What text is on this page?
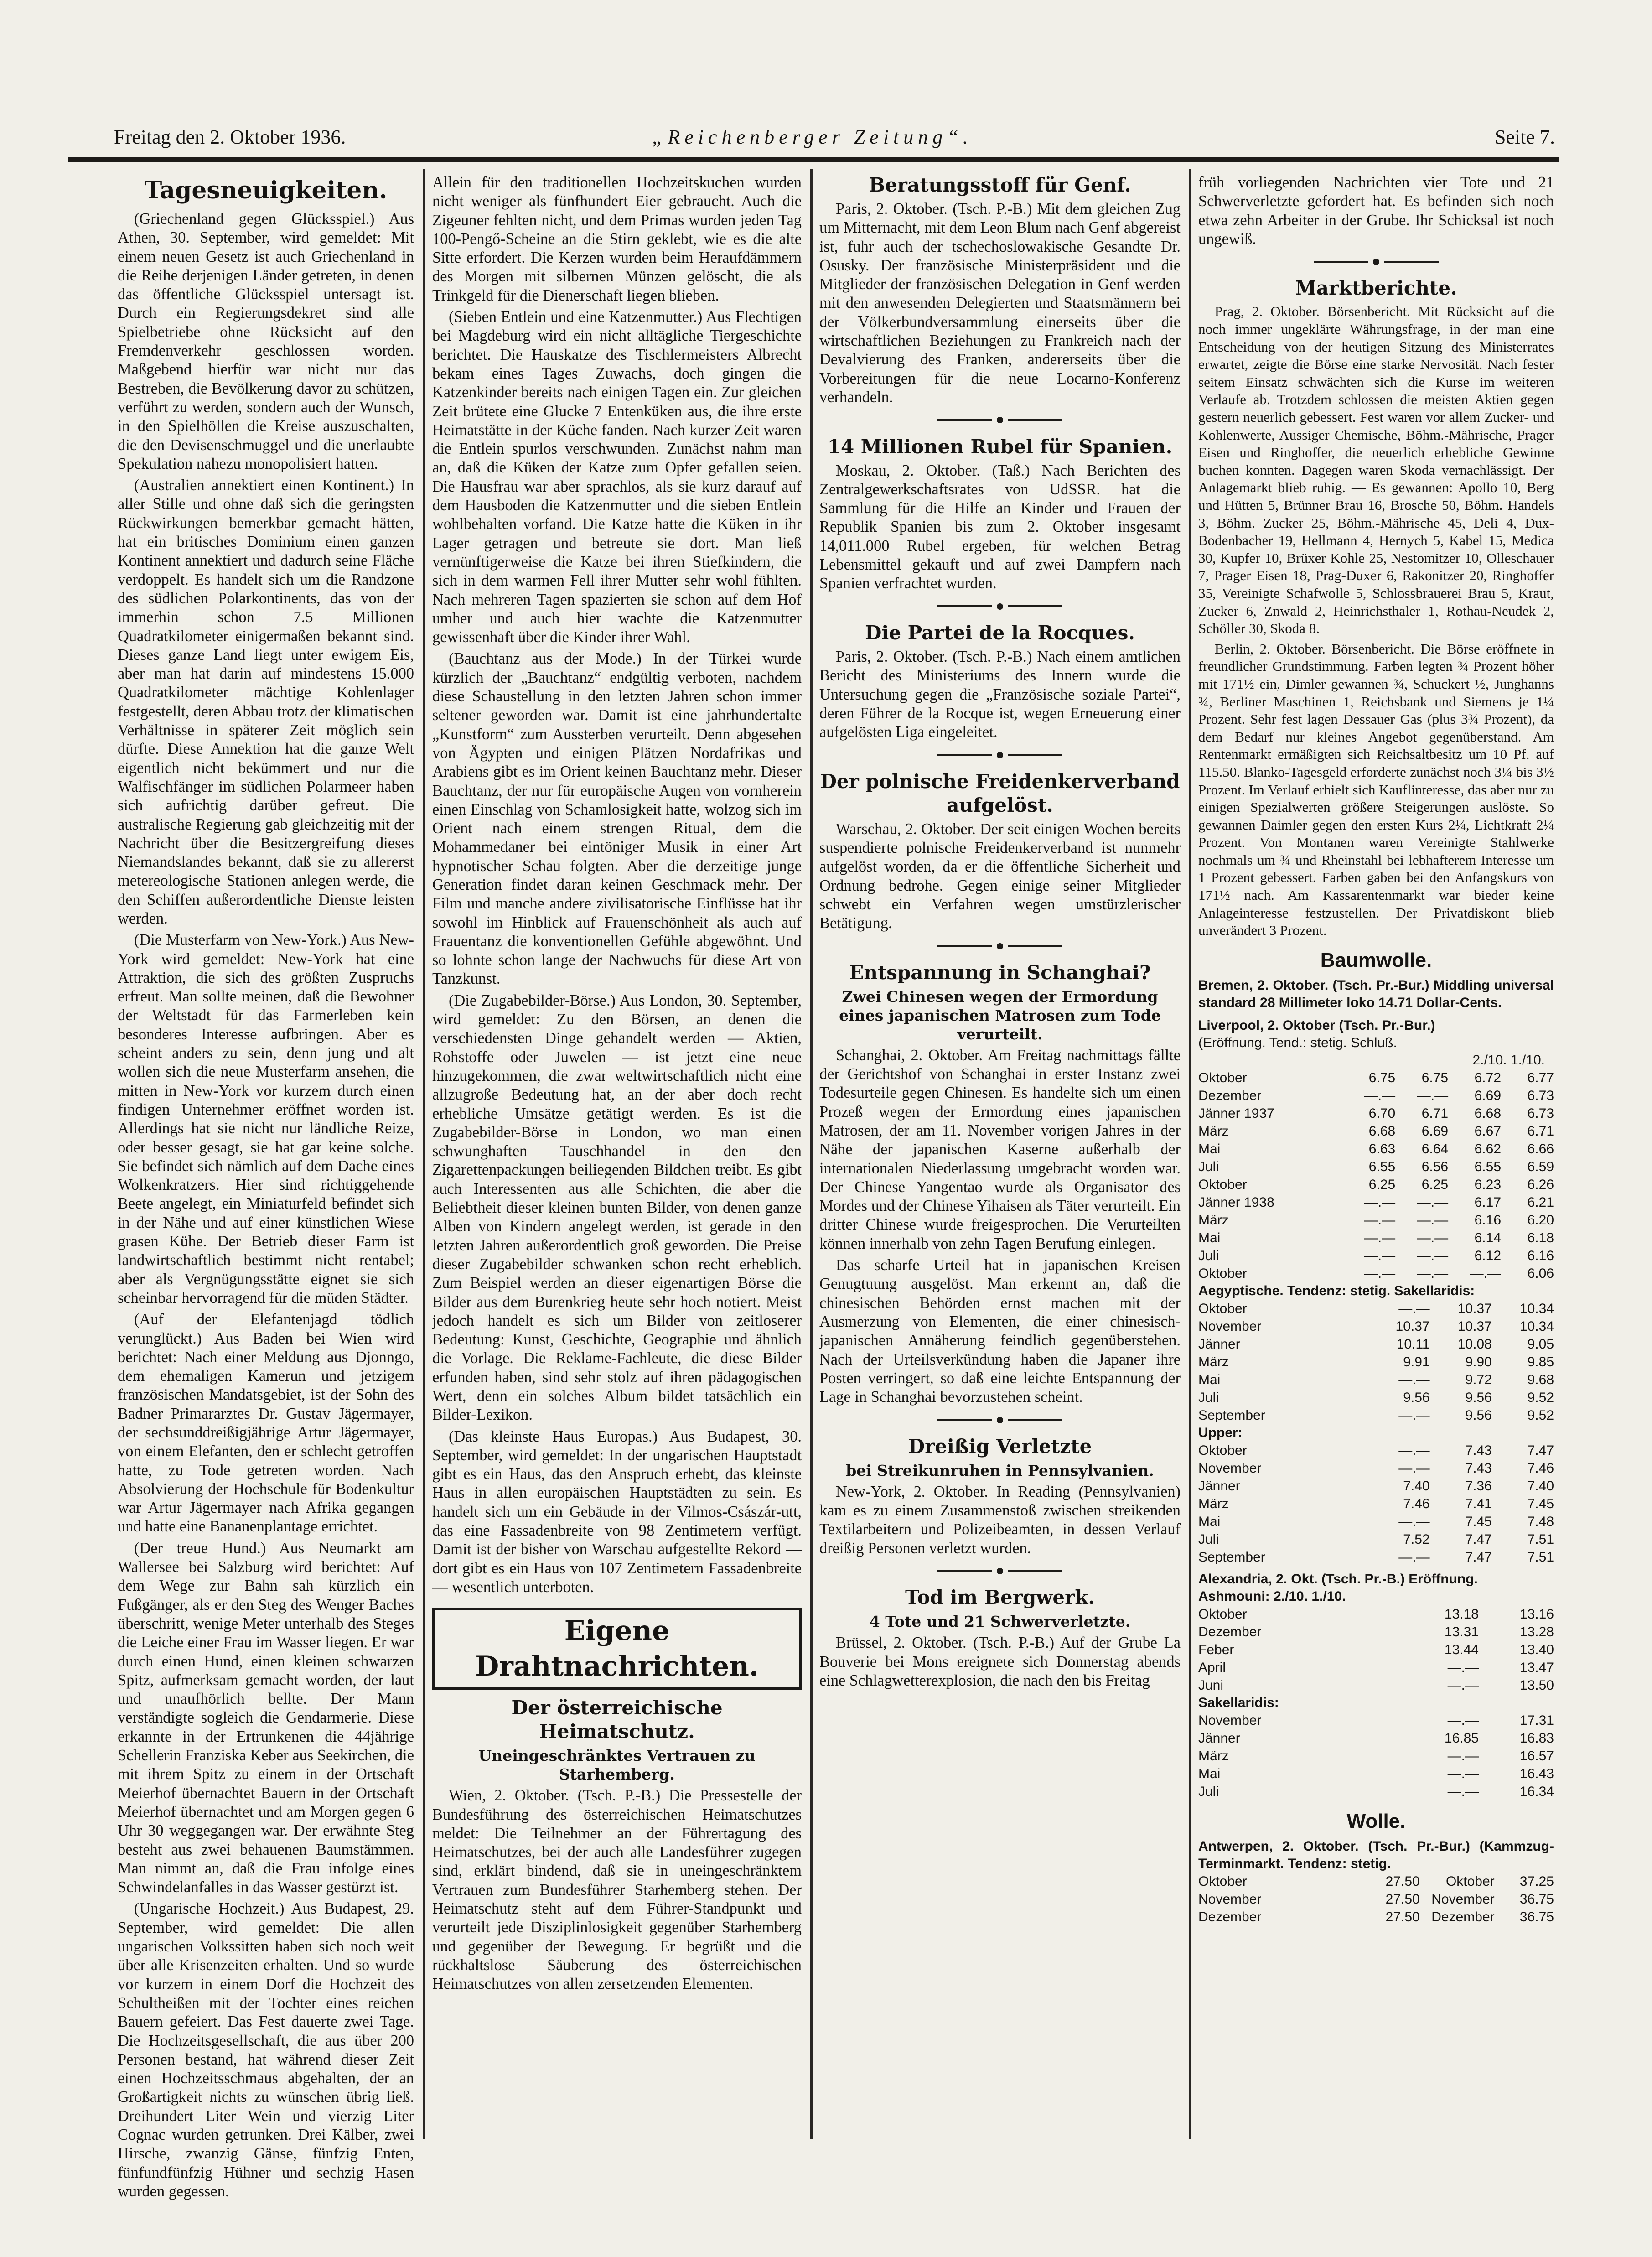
Freitag den 2. Oktober 1936.	„Reichenberger Zeitung“.	Seite 7.
Tagesneuigkeiten.

(Griechenland gegen Glücksspiel.) Aus Athen, 30. September, wird gemeldet: Mit einem neuen Gesetz ist auch Griechenland in die Reihe derjenigen Länder getreten, in denen das öffentliche Glücksspiel untersagt ist. Durch ein Regierungsdekret sind alle Spielbetriebe ohne Rücksicht auf den Fremdenverkehr geschlossen worden. Maßgebend hierfür war nicht nur das Bestreben, die Bevölkerung davor zu schützen, verführt zu werden, sondern auch der Wunsch, in den Spielhöllen die Kreise auszuschalten, die den Devisenschmuggel und die unerlaubte Spekulation nahezu monopolisiert hatten.

(Australien annektiert einen Kontinent.) In aller Stille und ohne daß sich die geringsten Rückwirkungen bemerkbar gemacht hätten, hat ein britisches Dominium einen ganzen Kontinent annektiert und dadurch seine Fläche verdoppelt. Es handelt sich um die Randzone des südlichen Polarkontinents, das von der immerhin schon 7.5 Millionen Quadratkilometer einigermaßen bekannt sind. Dieses ganze Land liegt unter ewigem Eis, aber man hat darin auf mindestens 15.000 Quadratkilometer mächtige Kohlenlager festgestellt, deren Abbau trotz der klimatischen Verhältnisse in späterer Zeit möglich sein dürfte. Diese Annektion hat die ganze Welt eigentlich nicht bekümmert und nur die Walfischfänger im südlichen Polarmeer haben sich aufrichtig darüber gefreut. Die australische Regierung gab gleichzeitig mit der Nachricht über die Besitzergreifung dieses Niemandslandes bekannt, daß sie zu allererst metereologische Stationen anlegen werde, die den Schiffen außerordentliche Dienste leisten werden.

(Die Musterfarm von New-York.) Aus New-York wird gemeldet: New-York hat eine Attraktion, die sich des größten Zuspruchs erfreut. Man sollte meinen, daß die Bewohner der Weltstadt für das Farmerleben kein besonderes Interesse aufbringen. Aber es scheint anders zu sein, denn jung und alt wollen sich die neue Musterfarm ansehen, die mitten in New-York vor kurzem durch einen findigen Unternehmer eröffnet worden ist. Allerdings hat sie nicht nur ländliche Reize, oder besser gesagt, sie hat gar keine solche. Sie befindet sich nämlich auf dem Dache eines Wolkenkratzers. Hier sind richtiggehende Beete angelegt, ein Miniaturfeld befindet sich in der Nähe und auf einer künstlichen Wiese grasen Kühe. Der Betrieb dieser Farm ist landwirtschaftlich bestimmt nicht rentabel; aber als Vergnügungsstätte eignet sie sich scheinbar hervorragend für die müden Städter.

(Auf der Elefantenjagd tödlich verunglückt.) Aus Baden bei Wien wird berichtet: Nach einer Meldung aus Djonngo, dem ehemaligen Kamerun und jetzigem französischen Mandatsgebiet, ist der Sohn des Badner Primararztes Dr. Gustav Jägermayer, der sechsunddreißigjährige Artur Jägermayer, von einem Elefanten, den er schlecht getroffen hatte, zu Tode getreten worden. Nach Absolvierung der Hochschule für Bodenkultur war Artur Jägermayer nach Afrika gegangen und hatte eine Bananenplantage errichtet.

(Der treue Hund.) Aus Neumarkt am Wallersee bei Salzburg wird berichtet: Auf dem Wege zur Bahn sah kürzlich ein Fußgänger, als er den Steg des Wenger Baches überschritt, wenige Meter unterhalb des Steges die Leiche einer Frau im Wasser liegen. Er war durch einen Hund, einen kleinen schwarzen Spitz, aufmerksam gemacht worden, der laut und unaufhörlich bellte. Der Mann verständigte sogleich die Gendarmerie. Diese erkannte in der Ertrunkenen die 44jährige Schellerin Franziska Keber aus Seekirchen, die mit ihrem Spitz zu einem in der Ortschaft Meierhof übernachtet Bauern in der Ortschaft Meierhof übernachtet und am Morgen gegen 6 Uhr 30 weggegangen war. Der erwähnte Steg besteht aus zwei behauenen Baumstämmen. Man nimmt an, daß die Frau infolge eines Schwindelanfalles in das Wasser gestürzt ist.

(Ungarische Hochzeit.) Aus Budapest, 29. September, wird gemeldet: Die allen ungarischen Volkssitten haben sich noch weit über alle Krisenzeiten erhalten. Und so wurde vor kurzem in einem Dorf die Hochzeit des Schultheißen mit der Tochter eines reichen Bauern gefeiert. Das Fest dauerte zwei Tage. Die Hochzeitsgesellschaft, die aus über 200 Personen bestand, hat während dieser Zeit einen Hochzeitsschmaus abgehalten, der an Großartigkeit nichts zu wünschen übrig ließ. Dreihundert Liter Wein und vierzig Liter Cognac wurden getrunken. Drei Kälber, zwei Hirsche, zwanzig Gänse, fünfzig Enten, fünfundfünfzig Hühner und sechzig Hasen wurden gegessen.

Allein für den traditionellen Hochzeitskuchen wurden nicht weniger als fünfhundert Eier gebraucht. Auch die Zigeuner fehlten nicht, und dem Primas wurden jeden Tag 100-Pengő-Scheine an die Stirn geklebt, wie es die alte Sitte erfordert. Die Kerzen wurden beim Heraufdämmern des Morgen mit silbernen Münzen gelöscht, die als Trinkgeld für die Dienerschaft liegen blieben.

(Sieben Entlein und eine Katzenmutter.) Aus Flechtigen bei Magdeburg wird ein nicht alltägliche Tiergeschichte berichtet. Die Hauskatze des Tischlermeisters Albrecht bekam eines Tages Zuwachs, doch gingen die Katzenkinder bereits nach einigen Tagen ein. Zur gleichen Zeit brütete eine Glucke 7 Entenküken aus, die ihre erste Heimatstätte in der Küche fanden. Nach kurzer Zeit waren die Entlein spurlos verschwunden. Zunächst nahm man an, daß die Küken der Katze zum Opfer gefallen seien. Die Hausfrau war aber sprachlos, als sie kurz darauf auf dem Hausboden die Katzenmutter und die sieben Entlein wohlbehalten vorfand. Die Katze hatte die Küken in ihr Lager getragen und betreute sie dort. Man ließ vernünftigerweise die Katze bei ihren Stiefkindern, die sich in dem warmen Fell ihrer Mutter sehr wohl fühlten. Nach mehreren Tagen spazierten sie schon auf dem Hof umher und auch hier wachte die Katzenmutter gewissenhaft über die Kinder ihrer Wahl.

(Bauchtanz aus der Mode.) In der Türkei wurde kürzlich der „Bauchtanz“ endgültig verboten, nachdem diese Schaustellung in den letzten Jahren schon immer seltener geworden war. Damit ist eine jahrhundertalte „Kunstform“ zum Aussterben verurteilt. Denn abgesehen von Ägypten und einigen Plätzen Nordafrikas und Arabiens gibt es im Orient keinen Bauchtanz mehr. Dieser Bauchtanz, der nur für europäische Augen von vornherein einen Einschlag von Schamlosigkeit hatte, wolzog sich im Orient nach einem strengen Ritual, dem die Mohammedaner bei eintöniger Musik in einer Art hypnotischer Schau folgten. Aber die derzeitige junge Generation findet daran keinen Geschmack mehr. Der Film und manche andere zivilisatorische Einflüsse hat ihr sowohl im Hinblick auf Frauenschönheit als auch auf Frauentanz die konventionellen Gefühle abgewöhnt. Und so lohnte schon lange der Nachwuchs für diese Art von Tanzkunst.

(Die Zugabebilder-Börse.) Aus London, 30. September, wird gemeldet: Zu den Börsen, an denen die verschiedensten Dinge gehandelt werden — Aktien, Rohstoffe oder Juwelen — ist jetzt eine neue hinzugekommen, die zwar weltwirtschaftlich nicht eine allzugroße Bedeutung hat, an der aber doch recht erhebliche Umsätze getätigt werden. Es ist die Zugabebilder-Börse in London, wo man einen schwunghaften Tauschhandel in den den Zigarettenpackungen beiliegenden Bildchen treibt. Es gibt auch Interessenten aus alle Schichten, die aber die Beliebtheit dieser kleinen bunten Bilder, von denen ganze Alben von Kindern angelegt werden, ist gerade in den letzten Jahren außerordentlich groß geworden. Die Preise dieser Zugabebilder schwanken schon recht erheblich. Zum Beispiel werden an dieser eigenartigen Börse die Bilder aus dem Burenkrieg heute sehr hoch notiert. Meist jedoch handelt es sich um Bilder von zeitloserer Bedeutung: Kunst, Geschichte, Geographie und ähnlich die Vorlage. Die Reklame-Fachleute, die diese Bilder erfunden haben, sind sehr stolz auf ihren pädagogischen Wert, denn ein solches Album bildet tatsächlich ein Bilder-Lexikon.

(Das kleinste Haus Europas.) Aus Budapest, 30. September, wird gemeldet: In der ungarischen Hauptstadt gibt es ein Haus, das den Anspruch erhebt, das kleinste Haus in allen europäischen Hauptstädten zu sein. Es handelt sich um ein Gebäude in der Vilmos-Császár-utt, das eine Fassadenbreite von 98 Zentimetern verfügt. Damit ist der bisher von Warschau aufgestellte Rekord — dort gibt es ein Haus von 107 Zentimetern Fassadenbreite — wesentlich unterboten.

Eigene Drahtnachrichten.
Der österreichische Heimatschutz.
Uneingeschränktes Vertrauen zu Starhemberg.

Wien, 2. Oktober. (Tsch. P.-B.) Die Pressestelle der Bundesführung des österreichischen Heimatschutzes meldet: Die Teilnehmer an der Führertagung des Heimatschutzes, bei der auch alle Landesführer zugegen sind, erklärt bindend, daß sie in uneingeschränktem Vertrauen zum Bundesführer Starhemberg stehen. Der Heimatschutz steht auf dem Führer-Standpunkt und verurteilt jede Disziplinlosigkeit gegenüber Starhemberg und gegenüber der Bewegung. Er begrüßt und die rückhaltslose Säuberung des österreichischen Heimatschutzes von allen zersetzenden Elementen.

Beratungsstoff für Genf.

Paris, 2. Oktober. (Tsch. P.-B.) Mit dem gleichen Zug um Mitternacht, mit dem Leon Blum nach Genf abgereist ist, fuhr auch der tschechoslowakische Gesandte Dr. Osusky. Der französische Ministerpräsident und die Mitglieder der französischen Delegation in Genf werden mit den anwesenden Delegierten und Staatsmännern bei der Völkerbundversammlung einerseits über die wirtschaftlichen Beziehungen zu Frankreich nach der Devalvierung des Franken, andererseits über die Vorbereitungen für die neue Locarno-Konferenz verhandeln.

14 Millionen Rubel für Spanien.

Moskau, 2. Oktober. (Taß.) Nach Berichten des Zentralgewerkschaftsrates von UdSSR. hat die Sammlung für die Hilfe an Kinder und Frauen der Republik Spanien bis zum 2. Oktober insgesamt 14,011.000 Rubel ergeben, für welchen Betrag Lebensmittel gekauft und auf zwei Dampfern nach Spanien verfrachtet wurden.

Die Partei de la Rocques.

Paris, 2. Oktober. (Tsch. P.-B.) Nach einem amtlichen Bericht des Ministeriums des Innern wurde die Untersuchung gegen die „Französische soziale Partei“, deren Führer de la Rocque ist, wegen Erneuerung einer aufgelösten Liga eingeleitet.

Der polnische Freidenkerverband aufgelöst.

Warschau, 2. Oktober. Der seit einigen Wochen bereits suspendierte polnische Freidenkerverband ist nunmehr aufgelöst worden, da er die öffentliche Sicherheit und Ordnung bedrohe. Gegen einige seiner Mitglieder schwebt ein Verfahren wegen umstürzlerischer Betätigung.

Entspannung in Schanghai?
Zwei Chinesen wegen der Ermordung eines japanischen Matrosen zum Tode verurteilt.

Schanghai, 2. Oktober. Am Freitag nachmittags fällte der Gerichtshof von Schanghai in erster Instanz zwei Todesurteile gegen Chinesen. Es handelte sich um einen Prozeß wegen der Ermordung eines japanischen Matrosen, der am 11. November vorigen Jahres in der Nähe der japanischen Kaserne außerhalb der internationalen Niederlassung umgebracht worden war. Der Chinese Yangentao wurde als Organisator des Mordes und der Chinese Yihaisen als Täter verurteilt. Ein dritter Chinese wurde freigesprochen. Die Verurteilten können innerhalb von zehn Tagen Berufung einlegen.

Das scharfe Urteil hat in japanischen Kreisen Genugtuung ausgelöst. Man erkennt an, daß die chinesischen Behörden ernst machen mit der Ausmerzung von Elementen, die einer chinesisch-japanischen Annäherung feindlich gegenüberstehen. Nach der Urteilsverkündung haben die Japaner ihre Posten verringert, so daß eine leichte Entspannung der Lage in Schanghai bevorzustehen scheint.

Dreißig Verletzte
bei Streikunruhen in Pennsylvanien.

New-York, 2. Oktober. In Reading (Pennsylvanien) kam es zu einem Zusammenstoß zwischen streikenden Textilarbeitern und Polizeibeamten, in dessen Verlauf dreißig Personen verletzt wurden.

Tod im Bergwerk.
4 Tote und 21 Schwerverletzte.

Brüssel, 2. Oktober. (Tsch. P.-B.) Auf der Grube La Bouverie bei Mons ereignete sich Donnerstag abends eine Schlagwetterexplosion, die nach den bis Freitag

früh vorliegenden Nachrichten vier Tote und 21 Schwerverletzte gefordert hat. Es befinden sich noch etwa zehn Arbeiter in der Grube. Ihr Schicksal ist noch ungewiß.

Marktberichte.

Prag, 2. Oktober. Börsenbericht. Mit Rücksicht auf die noch immer ungeklärte Währungsfrage, in der man eine Entscheidung von der heutigen Sitzung des Ministerrates erwartet, zeigte die Börse eine starke Nervosität. Nach fester seitem Einsatz schwächten sich die Kurse im weiteren Verlaufe ab. Trotzdem schlossen die meisten Aktien gegen gestern neuerlich gebessert. Fest waren vor allem Zucker- und Kohlenwerte, Aussiger Chemische, Böhm.-Mährische, Prager Eisen und Ringhoffer, die neuerlich erhebliche Gewinne buchen konnten. Dagegen waren Skoda vernachlässigt. Der Anlagemarkt blieb ruhig. — Es gewannen: Apollo 10, Berg und Hütten 5, Brünner Brau 16, Brosche 50, Böhm. Handels 3, Böhm. Zucker 25, Böhm.-Mährische 45, Deli 4, Dux-Bodenbacher 19, Hellmann 4, Hernych 5, Kabel 15, Medica 30, Kupfer 10, Brüxer Kohle 25, Nestomitzer 10, Olleschauer 7, Prager Eisen 18, Prag-Duxer 6, Rakonitzer 20, Ringhoffer 35, Vereinigte Schafwolle 5, Schlossbrauerei Brau 5, Kraut, Zucker 6, Znwald 2, Heinrichsthaler 1, Rothau-Neudek 2, Schöller 30, Skoda 8.

Berlin, 2. Oktober. Börsenbericht. Die Börse eröffnete in freundlicher Grundstimmung. Farben legten ¾ Prozent höher mit 171½ ein, Dimler gewannen ¾, Schuckert ½, Junghanns ¾, Berliner Maschinen 1, Reichsbank und Siemens je 1¼ Prozent. Sehr fest lagen Dessauer Gas (plus 3¾ Prozent), da dem Bedarf nur kleines Angebot gegenüberstand. Am Rentenmarkt ermäßigten sich Reichsaltbesitz um 10 Pf. auf 115.50. Blanko-Tagesgeld erforderte zunächst noch 3¼ bis 3½ Prozent. Im Verlauf erhielt sich Kauflinteresse, das aber nur zu einigen Spezialwerten größere Steigerungen auslöste. So gewannen Daimler gegen den ersten Kurs 2¼, Lichtkraft 2¼ Prozent. Von Montanen waren Vereinigte Stahlwerke nochmals um ¾ und Rheinstahl bei lebhafterem Interesse um 1 Prozent gebessert. Farben gaben bei den Anfangskurs von 171½ nach. Am Kassarentenmarkt war bieder keine Anlageinteresse festzustellen. Der Privatdiskont blieb unverändert 3 Prozent.

Baumwolle.
Bremen, 2. Oktober. (Tsch. Pr.-Bur.) Middling universal standard 28 Millimeter loko 14.71 Dollar-Cents.
Liverpool, 2. Oktober (Tsch. Pr.-Bur.)
(Eröffnung. Tend.: stetig. Schluß.
2./10. 1./10.
Oktober	6.75	6.75	6.72	6.77
Dezember	—.—	—.—	6.69	6.73
Jänner 1937	6.70	6.71	6.68	6.73
März	6.68	6.69	6.67	6.71
Mai	6.63	6.64	6.62	6.66
Juli	6.55	6.56	6.55	6.59
Oktober	6.25	6.25	6.23	6.26
Jänner 1938	—.—	—.—	6.17	6.21
März	—.—	—.—	6.16	6.20
Mai	—.—	—.—	6.14	6.18
Juli	—.—	—.—	6.12	6.16
Oktober	—.—	—.—	—.—	6.06
Aegyptische. Tendenz: stetig. Sakellaridis:
Oktober	—.—	10.37	10.34
November	10.37	10.37	10.34
Jänner	10.11	10.08	9.05
März	9.91	9.90	9.85
Mai	—.—	9.72	9.68
Juli	9.56	9.56	9.52
September	—.—	9.56	9.52
Upper:
Oktober	—.—	7.43	7.47
November	—.—	7.43	7.46
Jänner	7.40	7.36	7.40
März	7.46	7.41	7.45
Mai	—.—	7.45	7.48
Juli	7.52	7.47	7.51
September	—.—	7.47	7.51
Alexandria, 2. Okt. (Tsch. Pr.-B.) Eröffnung.
Ashmouni: 2./10. 1./10.
Oktober	13.18	13.16
Dezember	13.31	13.28
Feber	13.44	13.40
April	—.—	13.47
Juni	—.—	13.50
Sakellaridis:
November	—.—	17.31
Jänner	16.85	16.83
März	—.—	16.57
Mai	—.—	16.43
Juli	—.—	16.34
Wolle.
Antwerpen, 2. Oktober. (Tsch. Pr.-Bur.) (Kammzug-Terminmarkt. Tendenz: stetig.
Oktober	27.50	Oktober	37.25
November	27.50	November	36.75
Dezember	27.50	Dezember	36.75
